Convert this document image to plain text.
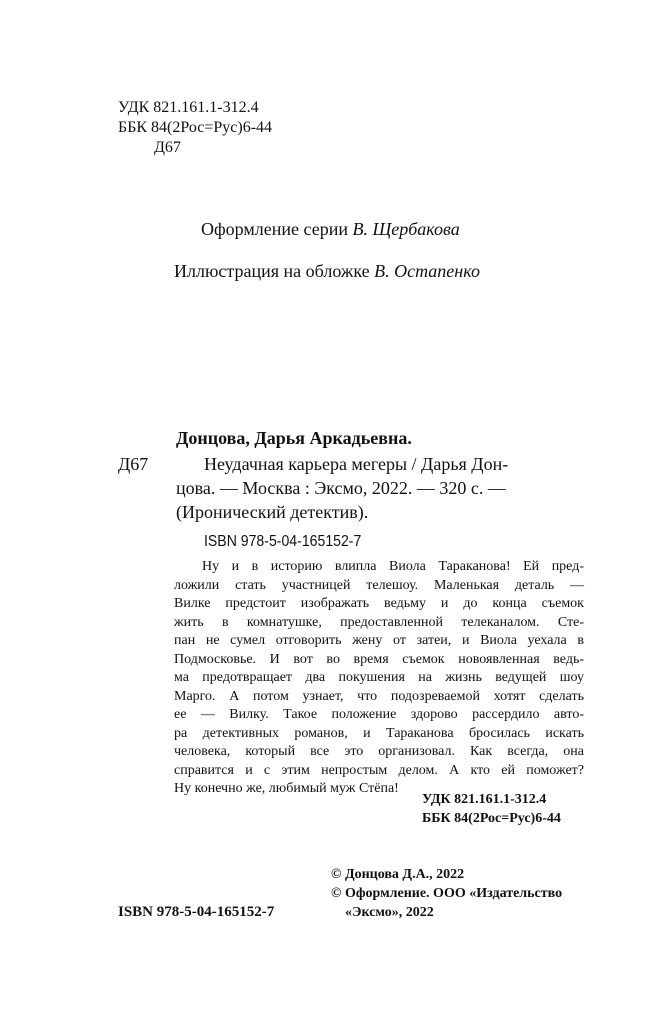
УДК 821.161.1-312.4
ББК 84(2Рос=Рус)6-44
Д67
Оформление серии В. Щербакова
Иллюстрация на обложке В. Остапенко
Донцова, Дарья Аркадьевна.
Д67	Неудачная карьера мегеры / Дарья Дон-
цова. — Москва : Эксмо, 2022. — 320 с. —
(Иронический детектив).
ISBN 978-5-04-165152-7
Ну и в историю влипла Виола Тараканова! Ей пред-
ложили стать участницей телешоу. Маленькая деталь —
Вилке предстоит изображать ведьму и до конца съемок
жить в комнатушке, предоставленной телеканалом. Сте-
пан не сумел отговорить жену от затеи, и Виола уехала в
Подмосковье. И вот во время съемок новоявленная ведь-
ма предотвращает два покушения на жизнь ведущей шоу
Марго. А потом узнает, что подозреваемой хотят сделать
ее — Вилку. Такое положение здорово рассердило авто-
ра детективных романов, и Тараканова бросилась искать
человека, который все это организовал. Как всегда, она
справится и с этим непростым делом. А кто ей поможет?
Ну конечно же, любимый муж Стёпа!
УДК 821.161.1-312.4
ББК 84(2Рос=Рус)6-44
© Донцова Д.А., 2022
© Оформление. ООО «Издательство
«Эксмо», 2022
ISBN 978-5-04-165152-7
